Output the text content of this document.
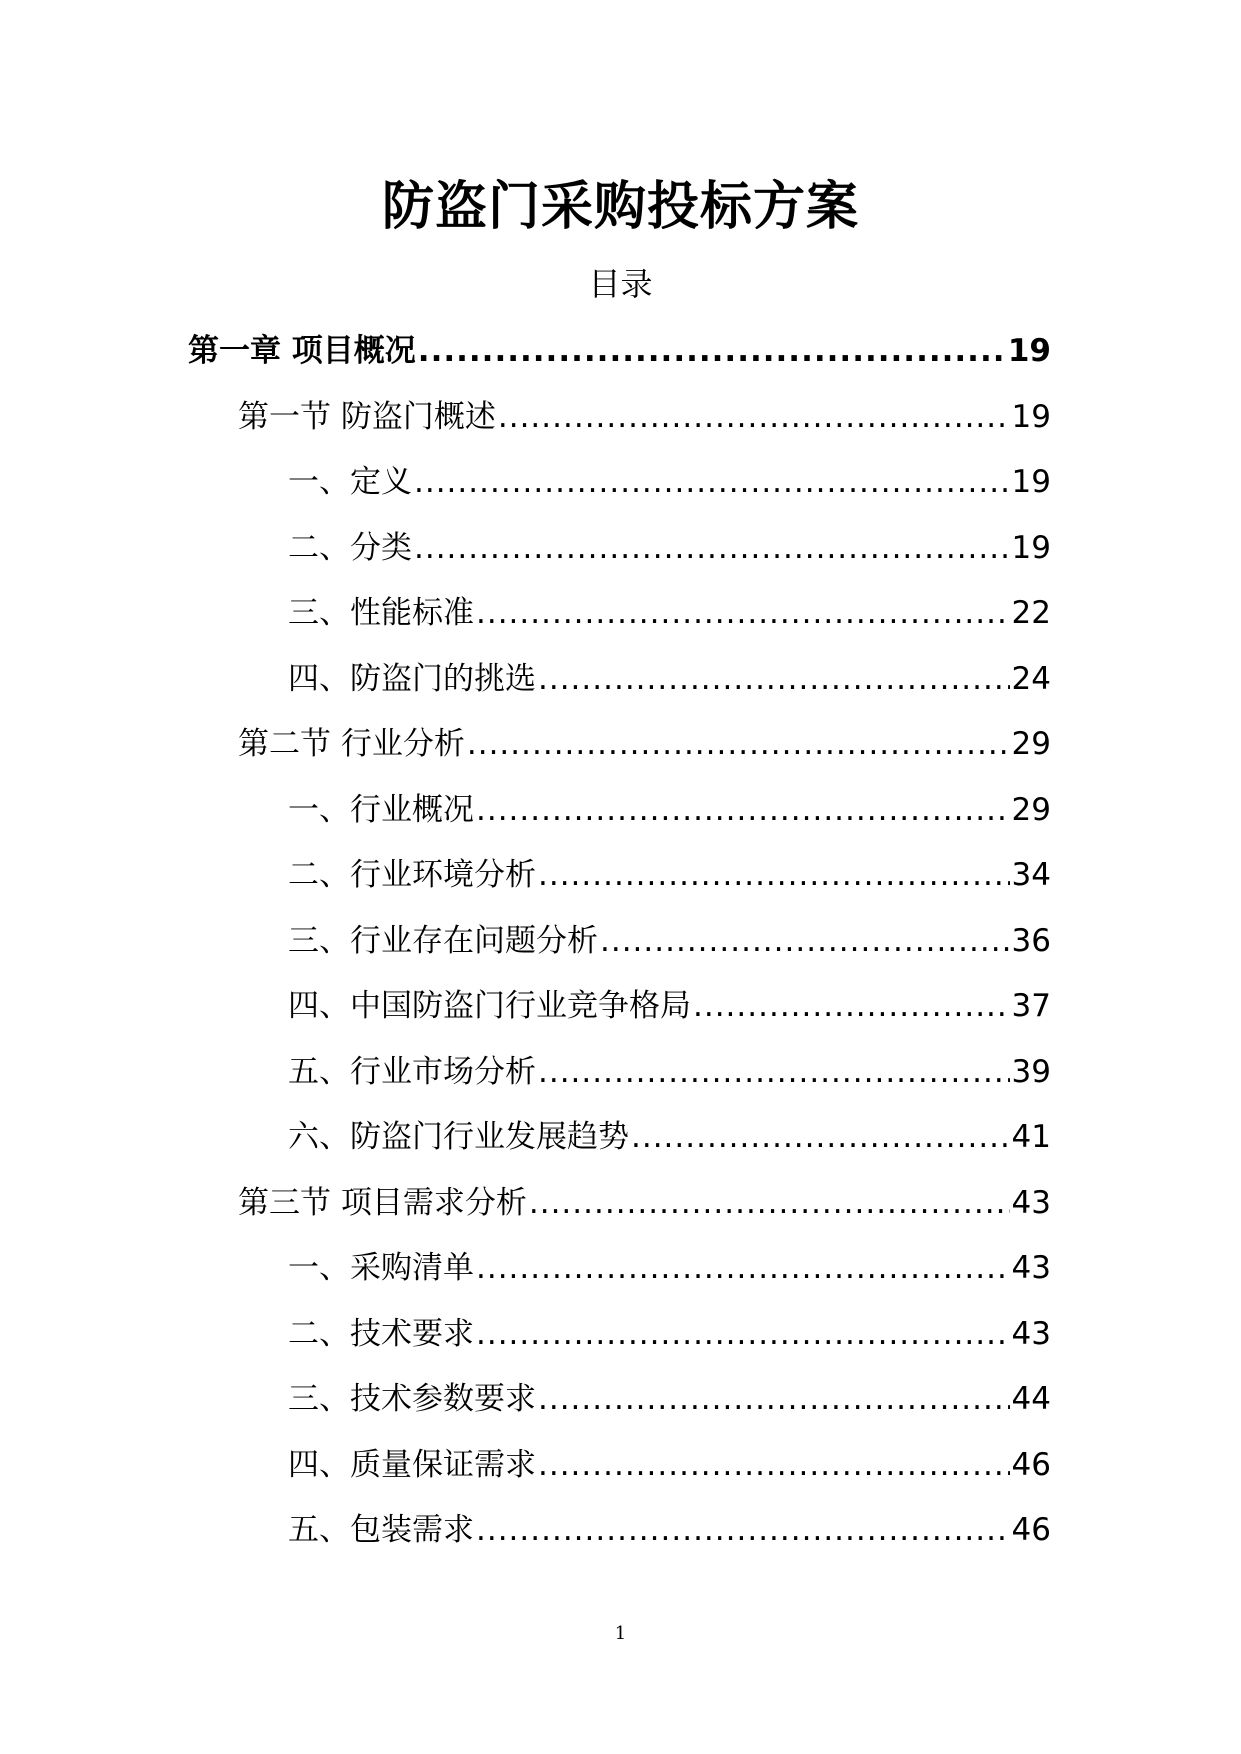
防盗门采购投标方案
目录
第一章 项目概况 .....	19
第一节 防盗门概述 .....	19
一、定义 .....	19
二、分类 .....	19
三、性能标准 .....	22
四、防盗门的挑选 .....	24
第二节 行业分析 .....	29
一、行业概况 .....	29
二、行业环境分析 .....	34
三、行业存在问题分析 .....	36
四、中国防盗门行业竞争格局 .....	37
五、行业市场分析 .....	39
六、防盗门行业发展趋势 .....	41
第三节 项目需求分析 .....	43
一、采购清单 .....	43
二、技术要求 .....	43
三、技术参数要求 .....	44
四、质量保证需求 .....	46
五、包装需求 .....	46
1
